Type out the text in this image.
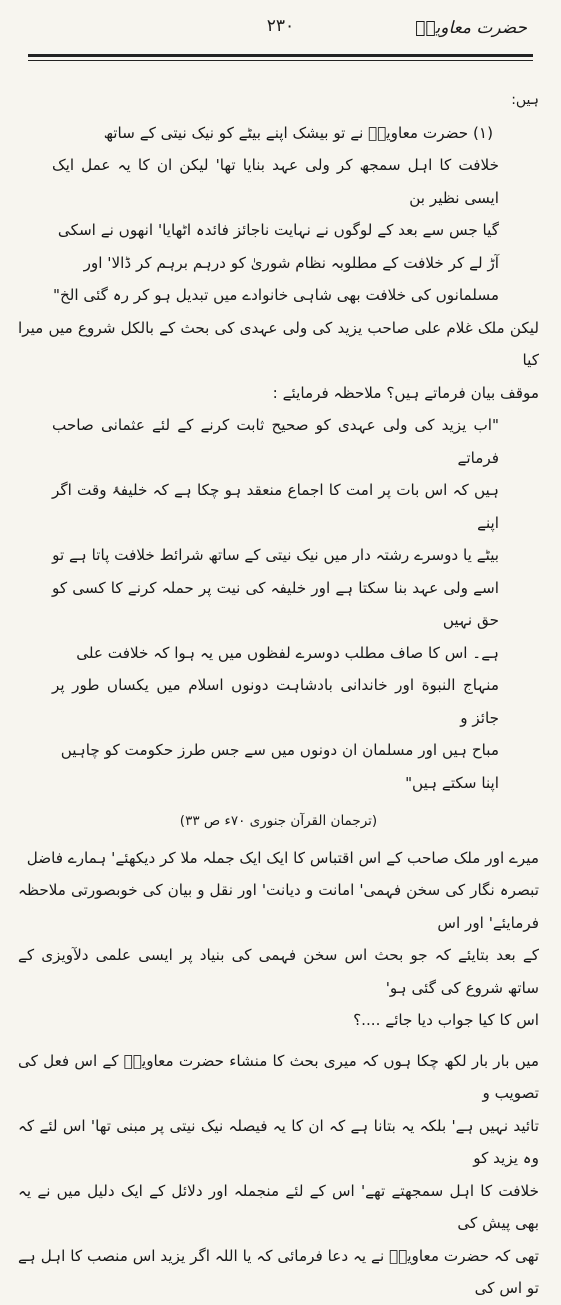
حضرت معاویہؓ
۲۳۰

ہیں:

(۱) حضرت معاویہؓ نے تو بیشک اپنے بیٹے کو نیک نیتی کے ساتھ

خلافت کا اہل سمجھ کر ولی عہد بنایا تھا' لیکن ان کا یہ عمل ایک ایسی نظیر بن

گیا جس سے بعد کے لوگوں نے نہایت ناجائز فائدہ اٹھایا' انھوں نے اسکی

آڑ لے کر خلافت کے مطلوبہ نظام شوریٰ کو درہم برہم کر ڈالا' اور

مسلمانوں کی خلافت بھی شاہی خانوادے میں تبدیل ہو کر رہ گئی الخ"

لیکن ملک غلام علی صاحب یزید کی ولی عہدی کی بحث کے بالکل شروع میں میرا کیا

موقف بیان فرماتے ہیں؟ ملاحظہ فرمایئے :

"اب یزید کی ولی عہدی کو صحیح ثابت کرنے کے لئے عثمانی صاحب فرماتے

ہیں کہ اس بات پر امت کا اجماع منعقد ہو چکا ہے کہ خلیفۂ وقت اگر اپنے

بیٹے یا دوسرے رشتہ دار میں نیک نیتی کے ساتھ شرائط خلافت پاتا ہے تو

اسے ولی عہد بنا سکتا ہے اور خلیفہ کی نیت پر حملہ کرنے کا کسی کو حق نہیں

ہے۔ اس کا صاف مطلب دوسرے لفظوں میں یہ ہوا کہ خلافت علی

منہاج النبوة اور خاندانی بادشاہت دونوں اسلام میں یکساں طور پر جائز و

مباح ہیں اور مسلمان ان دونوں میں سے جس طرز حکومت کو چاہیں

اپنا سکتے ہیں"

(ترجمان القرآن جنوری ۷۰ء ص ۳۳)

میرے اور ملک صاحب کے اس اقتباس کا ایک ایک جملہ ملا کر دیکھئے' ہمارے فاضل

تبصرہ نگار کی سخن فہمی' امانت و دیانت' اور نقل و بیان کی خوبصورتی ملاحظہ فرمایئے' اور اس

کے بعد بتایئے کہ جو بحث اس سخن فہمی کی بنیاد پر ایسی علمی دلآویزی کے ساتھ شروع کی گئی ہو'

اس کا کیا جواب دیا جائے ....؟

میں بار بار لکھ چکا ہوں کہ میری بحث کا منشاء حضرت معاویہؓ کے اس فعل کی تصویب و

تائید نہیں ہے' بلکہ یہ بتانا ہے کہ ان کا یہ فیصلہ نیک نیتی پر مبنی تھا' اس لئے کہ وہ یزید کو

خلافت کا اہل سمجھتے تھے' اس کے لئے منجملہ اور دلائل کے ایک دلیل میں نے یہ بھی پیش کی

تھی کہ حضرت معاویہؓ نے یہ دعا فرمائی کہ یا اللہ اگر یزید اس منصب کا اہل ہے تو اس کی
